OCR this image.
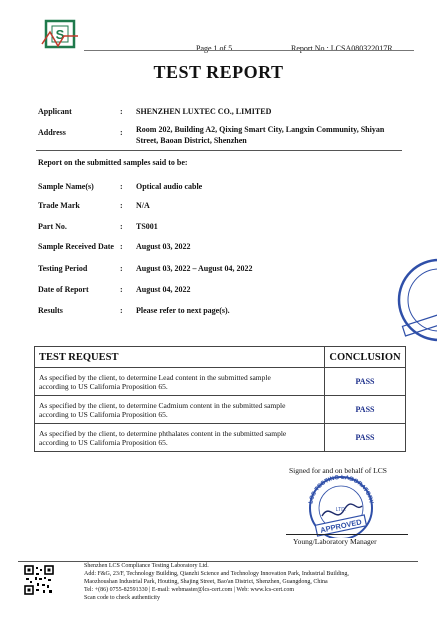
S
Page 1 of 5	Report No.: LCSA080322017R
TEST REPORT
Applicant	: SHENZHEN LUXTEC CO., LIMITED
Address	: Room 202, Building A2, Qixing Smart City, Langxin Community, Shiyan
Street, Baoan District, Shenzhen
Report on the submitted samples said to be:
Sample Name(s)	: Optical audio cable
Trade Mark	: N/A
Part No.	: TS001
Sample Received Date : August 03, 2022
Testing Period	: August 03, 2022 – August 04, 2022
Date of Report	: August 04, 2022
Results	: Please refer to next page(s).
TEST REQUEST	CONCLUSION

As specified by the client, to determine Lead content in the submitted sample
according to US California Proposition 65.	PASS

As specified by the client, to determine Cadmium content in the submitted sample
according to US California Proposition 65.	PASS

As specified by the client, to determine phthalates content in the submitted sample
according to US California Proposition 65.	PASS
Signed for and on behalf of LCS
LCS TESTING LABORATORY
LTD.
APPROVED
Young/Laboratory Manager
Shenzhen LCS Compliance Testing Laboratory Ltd.
Add: F&G, 23/F, Technology Building, Qianzhi Science and Technology Innovation Park, Industrial Building,
Maozhoushan Industrial Park, Houting, Shajing Street, Bao'an District, Shenzhen, Guangdong, China
Tel: +(86) 0755-82591330 | E-mail: webmaster@lcs-cert.com | Web: www.lcs-cert.com
Scan code to check authenticity
